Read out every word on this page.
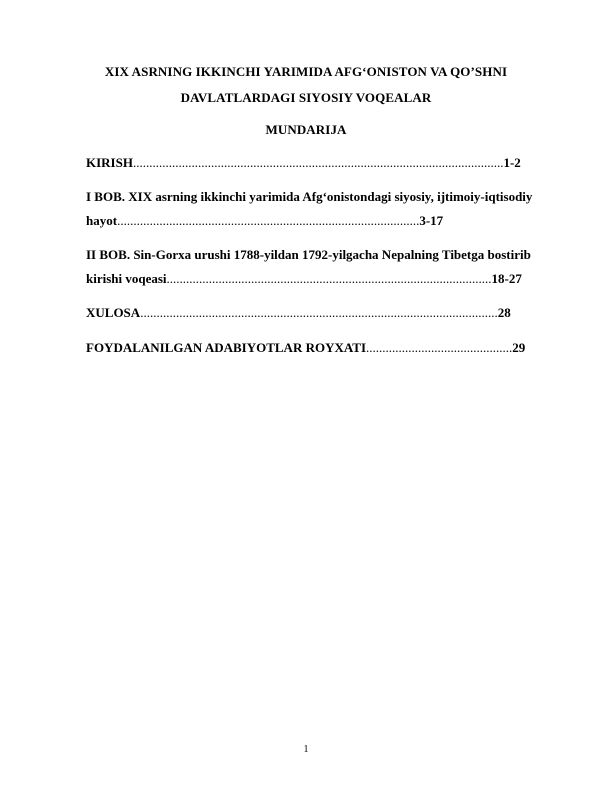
XIX ASRNING IKKINCHI YARIMIDA AFG‘ONISTON VA QO’SHNI
DAVLATLARDAGI SIYOSIY VOQEALAR
MUNDARIJA
KIRISH..................................................................................................................1-2
I BOB. XIX asrning ikkinchi yarimida Afg‘onistondagi siyosiy, ijtimoiy-iqtisodiy
hayot.............................................................................................3-17
II BOB. Sin-Gorxa urushi 1788-yildan 1792-yilgacha Nepalning Tibetga bostirib
kirishi voqeasi....................................................................................................18-27
XULOSA..............................................................................................................28
FOYDALANILGAN ADABIYOTLAR ROYXATI.............................................29
1
